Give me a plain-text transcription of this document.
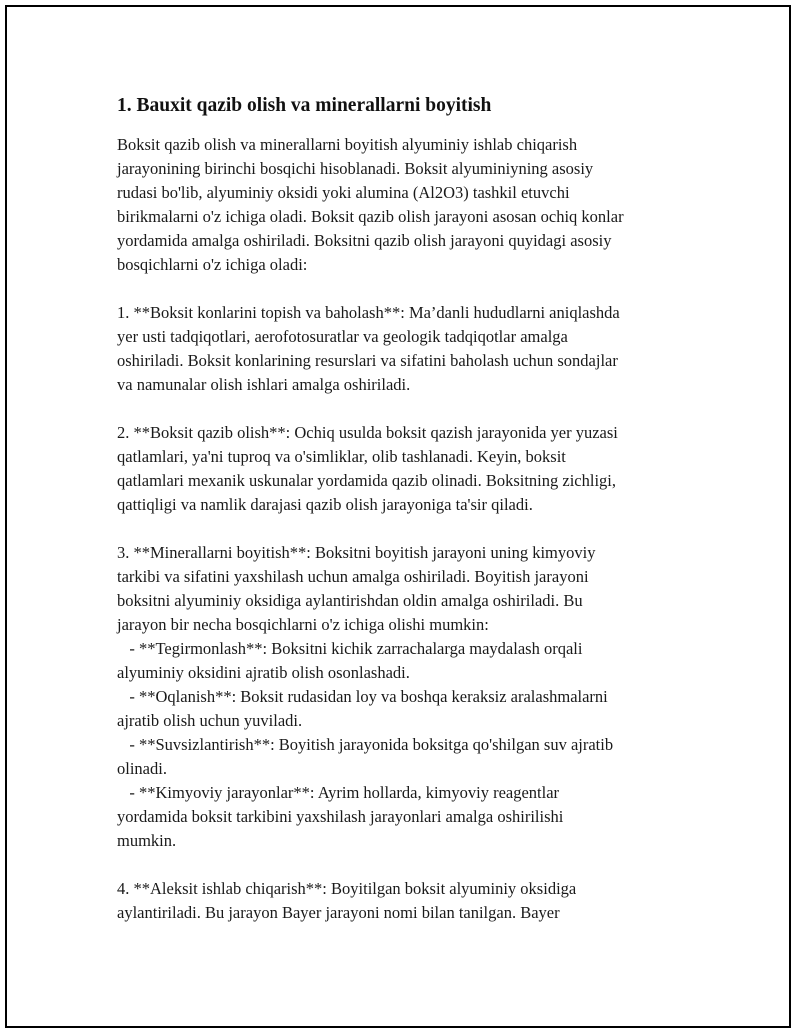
1. Bauxit qazib olish va minerallarni boyitish

Boksit qazib olish va minerallarni boyitish alyuminiy ishlab chiqarish
jarayonining birinchi bosqichi hisoblanadi. Boksit alyuminiyning asosiy
rudasi bo'lib, alyuminiy oksidi yoki alumina (Al2O3) tashkil etuvchi
birikmalarni o'z ichiga oladi. Boksit qazib olish jarayoni asosan ochiq konlar
yordamida amalga oshiriladi. Boksitni qazib olish jarayoni quyidagi asosiy
bosqichlarni o'z ichiga oladi:

1. **Boksit konlarini topish va baholash**: Ma’danli hududlarni aniqlashda
yer usti tadqiqotlari, aerofotosuratlar va geologik tadqiqotlar amalga
oshiriladi. Boksit konlarining resurslari va sifatini baholash uchun sondajlar
va namunalar olish ishlari amalga oshiriladi.

2. **Boksit qazib olish**: Ochiq usulda boksit qazish jarayonida yer yuzasi
qatlamlari, ya'ni tuproq va o'simliklar, olib tashlanadi. Keyin, boksit
qatlamlari mexanik uskunalar yordamida qazib olinadi. Boksitning zichligi,
qattiqligi va namlik darajasi qazib olish jarayoniga ta'sir qiladi.

3. **Minerallarni boyitish**: Boksitni boyitish jarayoni uning kimyoviy
tarkibi va sifatini yaxshilash uchun amalga oshiriladi. Boyitish jarayoni
boksitni alyuminiy oksidiga aylantirishdan oldin amalga oshiriladi. Bu
jarayon bir necha bosqichlarni o'z ichiga olishi mumkin:
- **Tegirmonlash**: Boksitni kichik zarrachalarga maydalash orqali
alyuminiy oksidini ajratib olish osonlashadi.
- **Oqlanish**: Boksit rudasidan loy va boshqa keraksiz aralashmalarni
ajratib olish uchun yuviladi.
- **Suvsizlantirish**: Boyitish jarayonida boksitga qo'shilgan suv ajratib
olinadi.
- **Kimyoviy jarayonlar**: Ayrim hollarda, kimyoviy reagentlar
yordamida boksit tarkibini yaxshilash jarayonlari amalga oshirilishi
mumkin.

4. **Aleksit ishlab chiqarish**: Boyitilgan boksit alyuminiy oksidiga
aylantiriladi. Bu jarayon Bayer jarayoni nomi bilan tanilgan. Bayer
